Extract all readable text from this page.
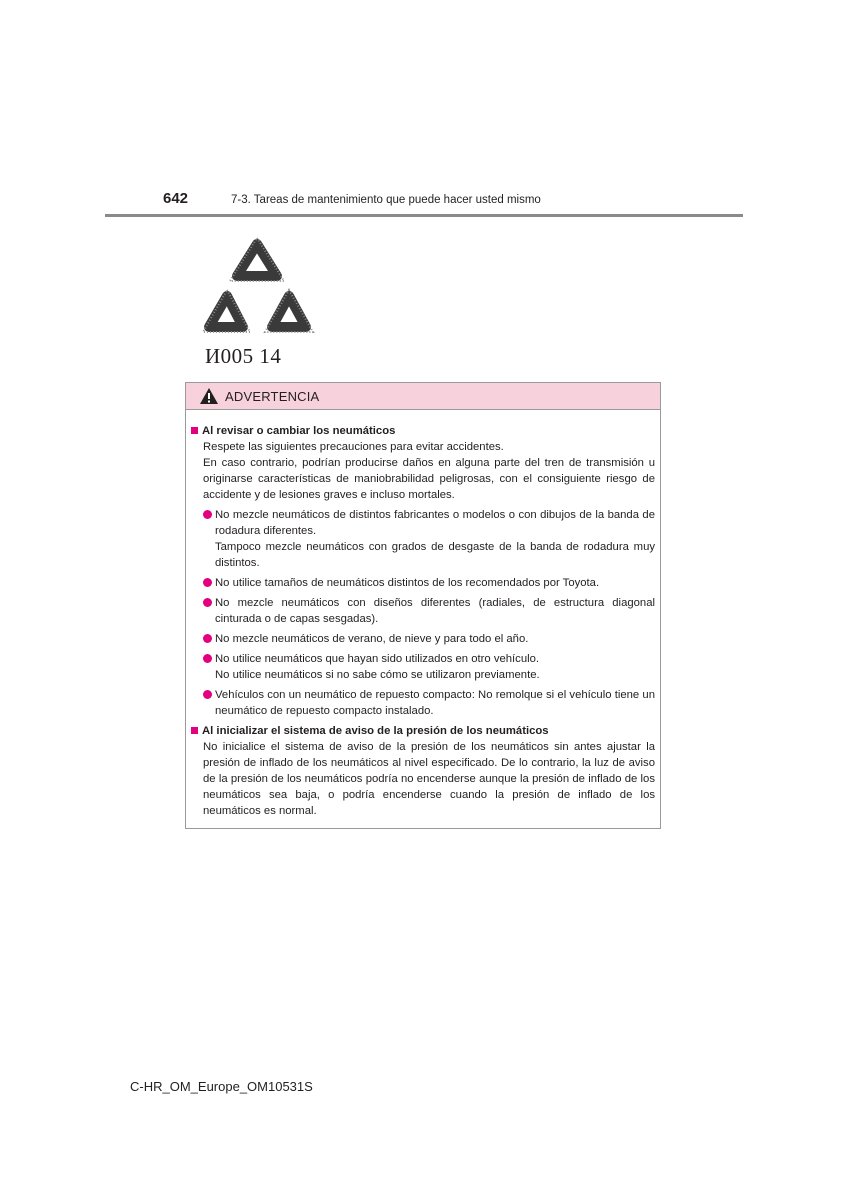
642	7-3. Tareas de mantenimiento que puede hacer usted mismo
И005 14
ADVERTENCIA
Al revisar o cambiar los neumáticos
Respete las siguientes precauciones para evitar accidentes.
En caso contrario, podrían producirse daños en alguna parte del tren de transmisión u originarse características de maniobrabilidad peligrosas, con el consiguiente riesgo de accidente y de lesiones graves e incluso mortales.
No mezcle neumáticos de distintos fabricantes o modelos o con dibujos de la banda de rodadura diferentes.
Tampoco mezcle neumáticos con grados de desgaste de la banda de rodadura muy distintos.
No utilice tamaños de neumáticos distintos de los recomendados por Toyota.
No mezcle neumáticos con diseños diferentes (radiales, de estructura diagonal cinturada o de capas sesgadas).
No mezcle neumáticos de verano, de nieve y para todo el año.
No utilice neumáticos que hayan sido utilizados en otro vehículo.
No utilice neumáticos si no sabe cómo se utilizaron previamente.
Vehículos con un neumático de repuesto compacto: No remolque si el vehículo tiene un neumático de repuesto compacto instalado.
Al inicializar el sistema de aviso de la presión de los neumáticos
No inicialice el sistema de aviso de la presión de los neumáticos sin antes ajustar la presión de inflado de los neumáticos al nivel especificado. De lo contrario, la luz de aviso de la presión de los neumáticos podría no encenderse aunque la presión de inflado de los neumáticos sea baja, o podría encenderse cuando la presión de inflado de los neumáticos es normal.
C-HR_OM_Europe_OM10531S
